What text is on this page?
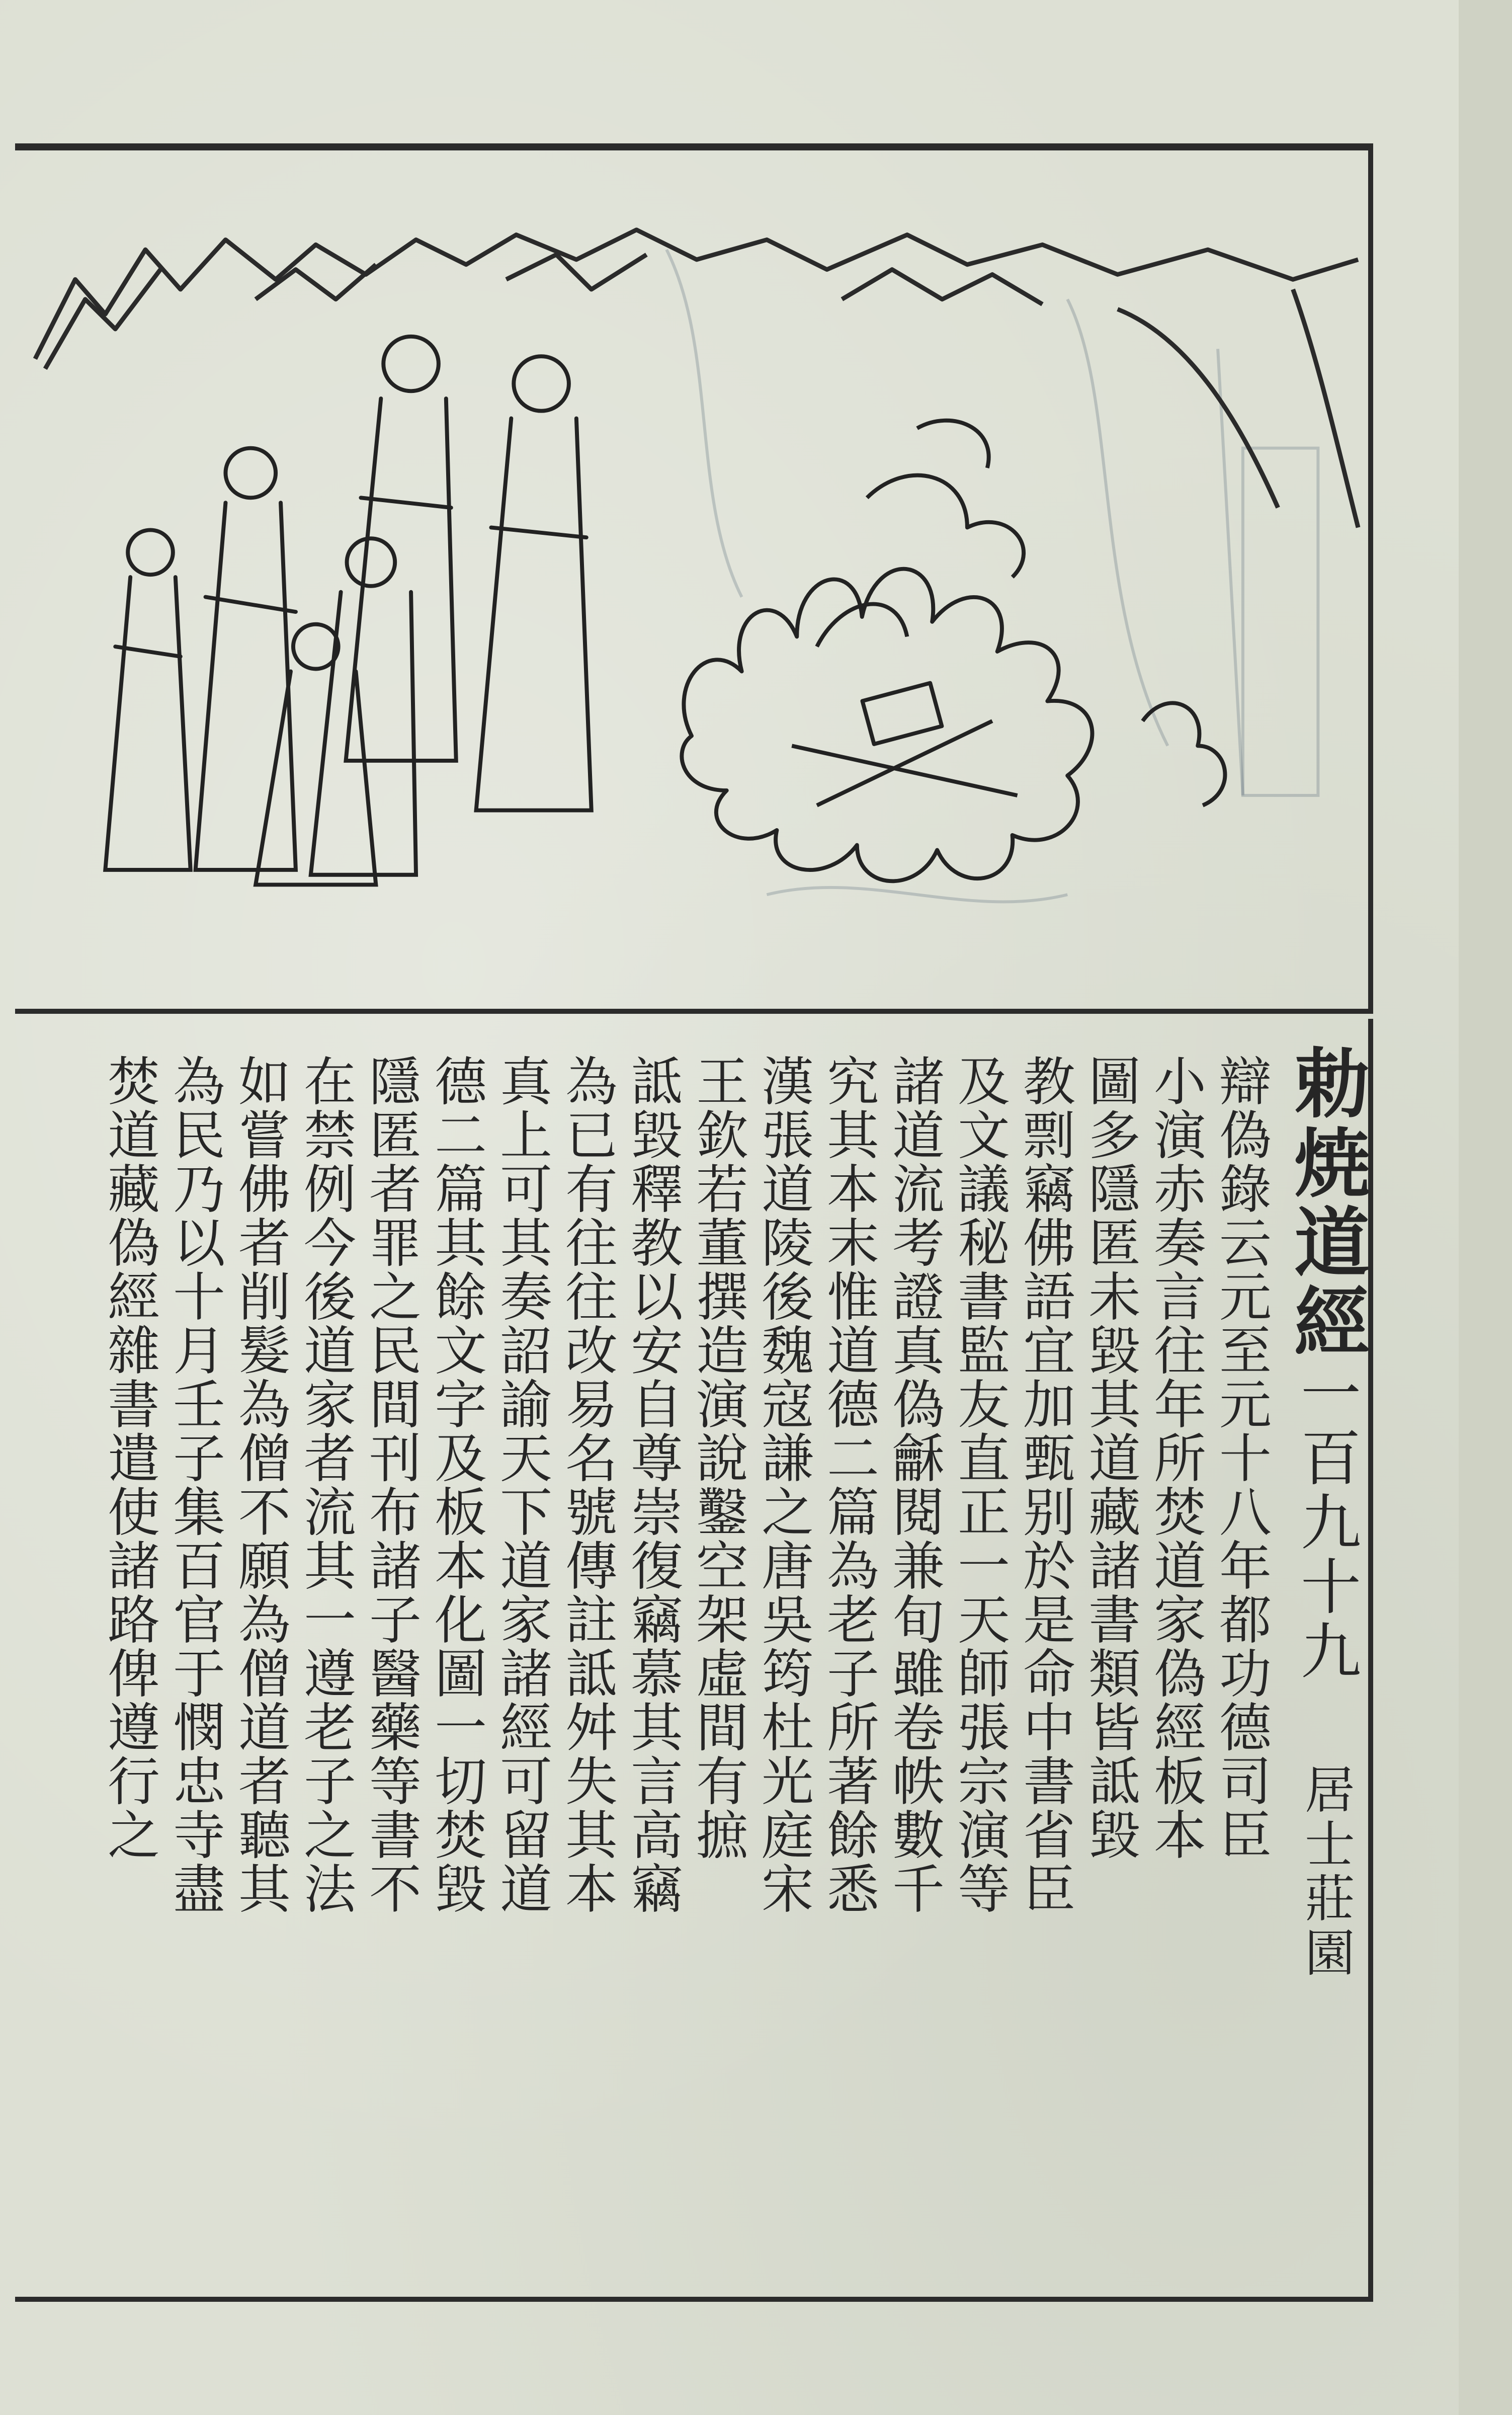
勅焼道經一百九十九　居士莊園
辯偽錄云元至元十八年都功德司臣
小演赤奏言往年所焚道家偽經板本
圖多隱匿未毀其道藏諸書類皆詆毀
教剽竊佛語宜加甄别於是命中書省臣
及文議秘書監友直正一天師張宗演等
諸道流考證真偽龢閱兼旬雖卷帙數千
究其本末惟道德二篇為老子所著餘悉
漢張道陵後魏寇謙之唐吳筠杜光庭宋
王欽若董撰造演說鑿空架虛間有摭
詆毀釋教以安自尊崇復竊慕其言高竊
為已有往往改易名號傳註詆舛失其本
真上可其奏詔諭天下道家諸經可留道
德二篇其餘文字及板本化圖一切焚毀
隱匿者罪之民間刊布諸子醫藥等書不
在禁例今後道家者流其一遵老子之法
如嘗佛者削髮為僧不願為僧道者聽其
為民乃以十月壬子集百官于憫忠寺盡
焚道藏偽經雜書遣使諸路俾遵行之
